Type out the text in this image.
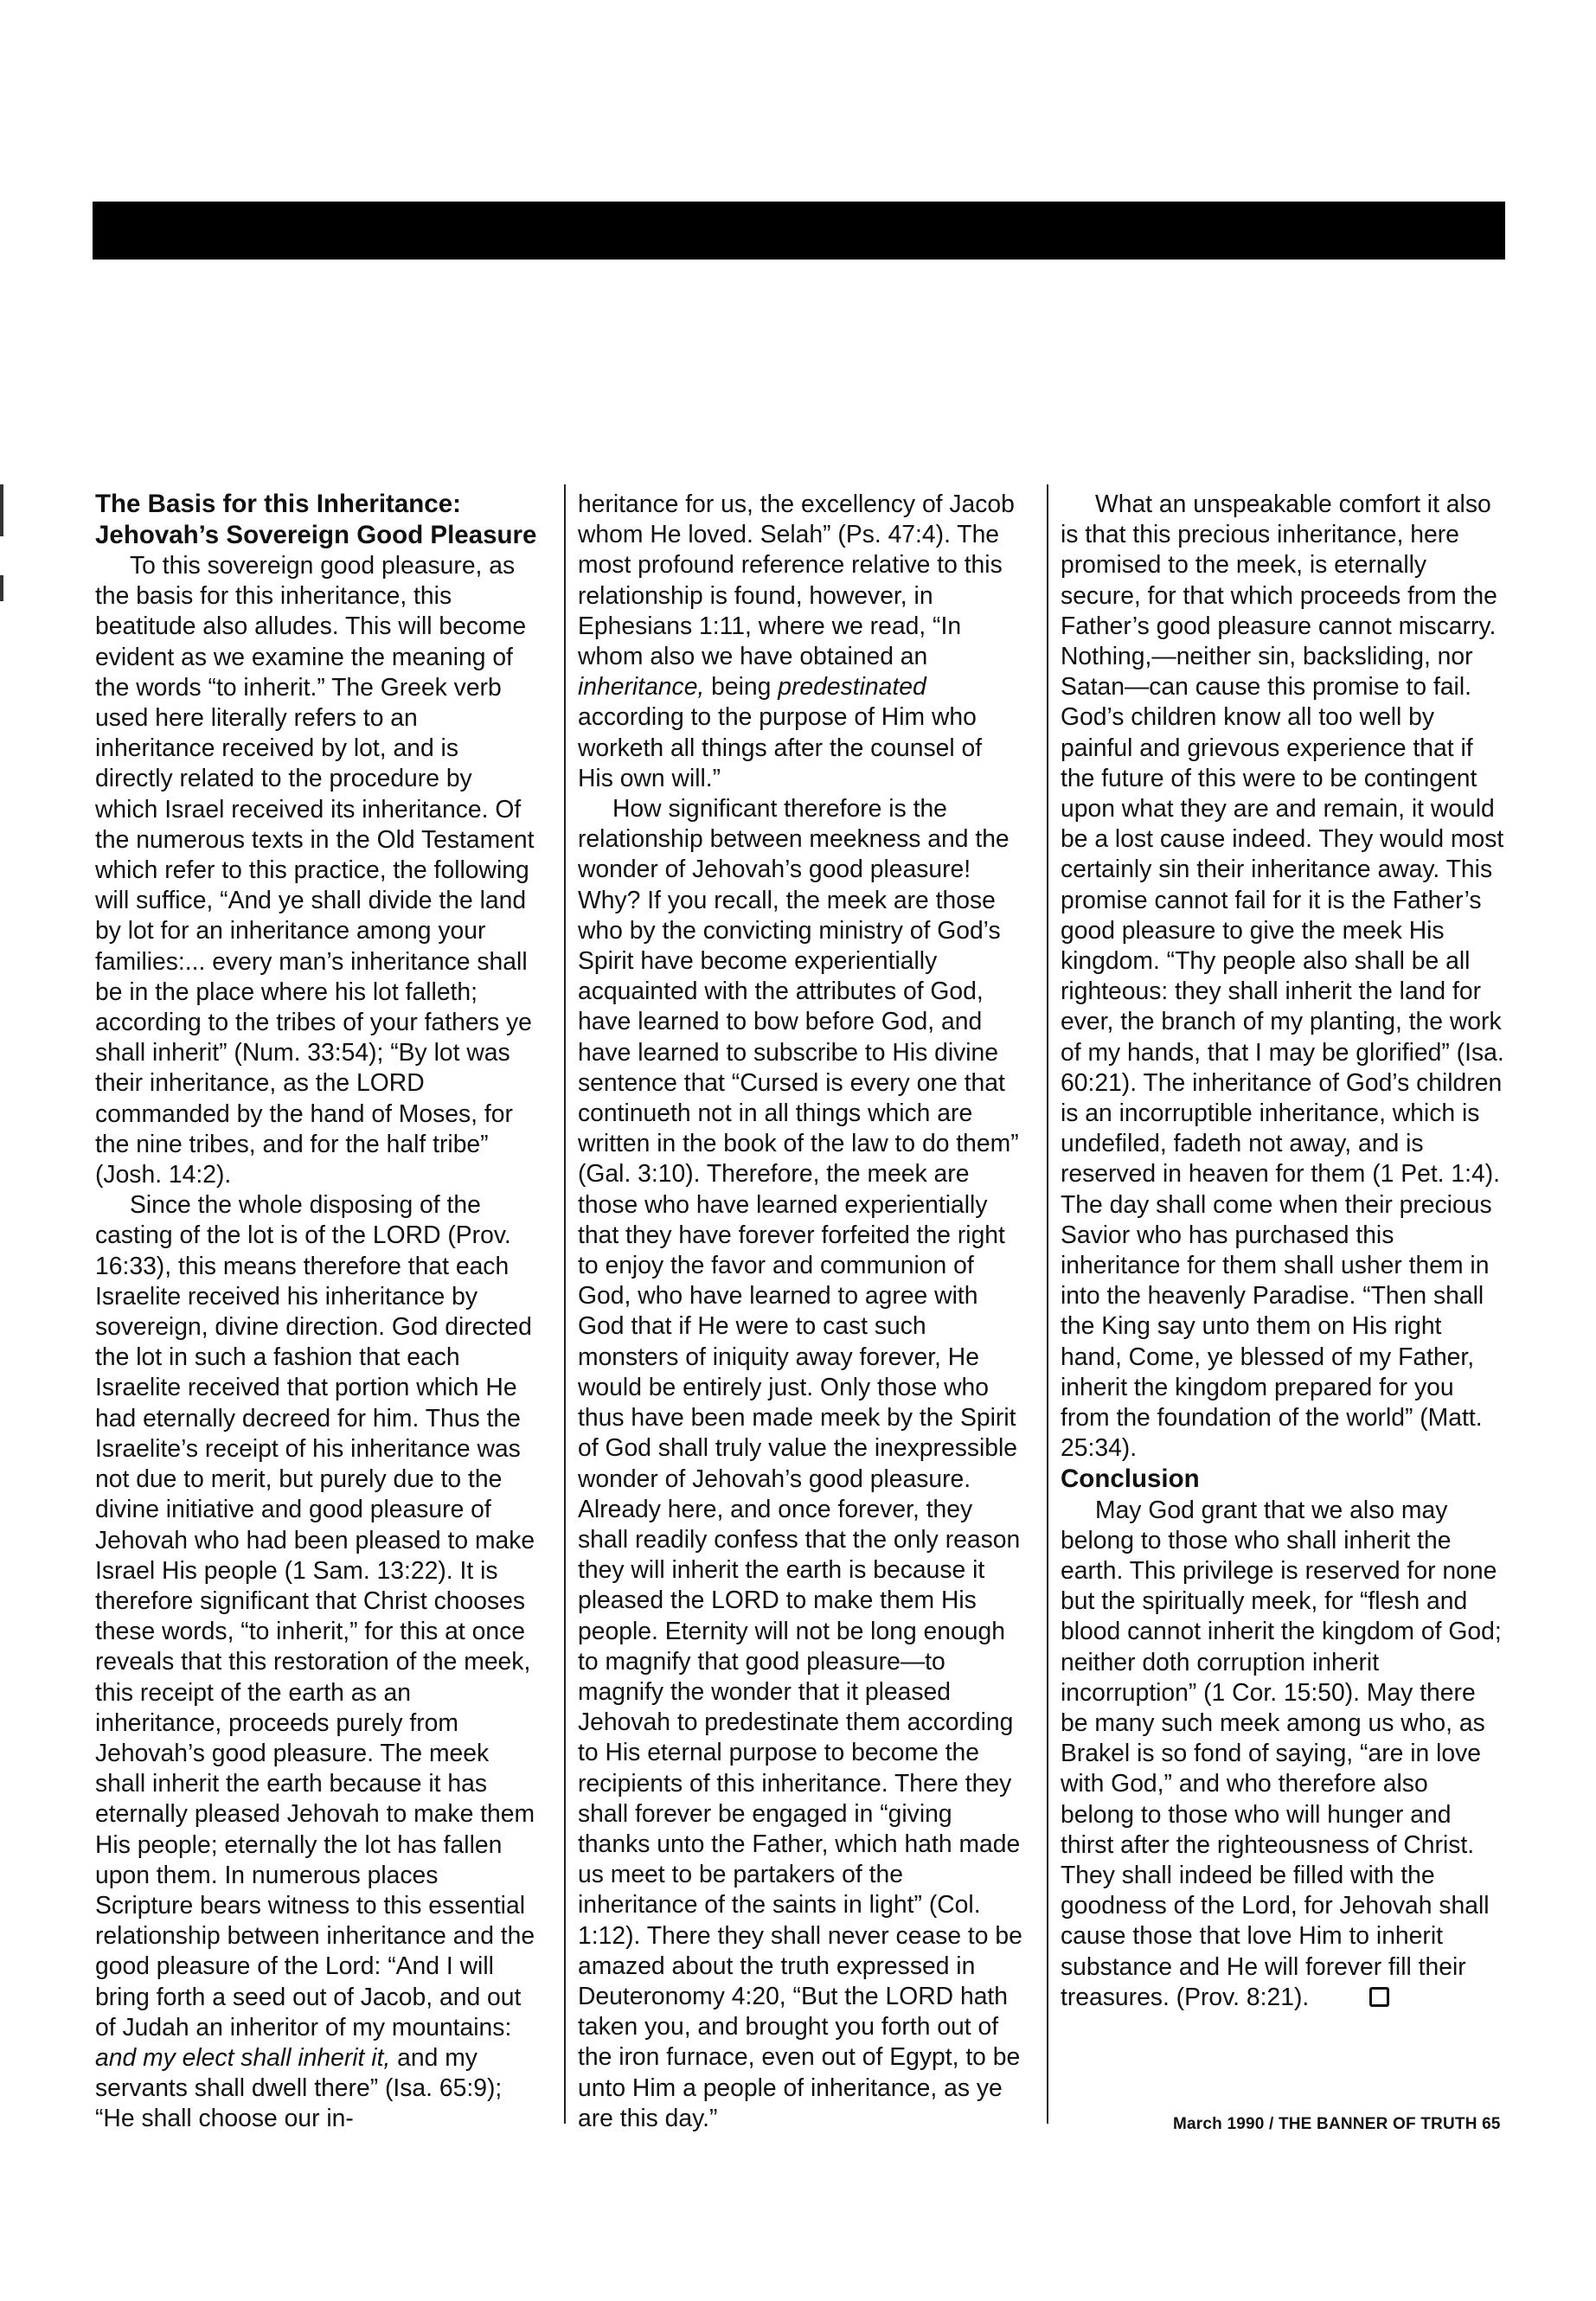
The Basis for this Inheritance: Jehovah’s Sovereign Good Pleasure

To this sovereign good pleasure, as the basis for this inheritance, this beatitude also alludes. This will become evident as we examine the meaning of the words “to inherit.” The Greek verb used here literally refers to an inheritance received by lot, and is directly related to the procedure by which Israel received its inheritance. Of the numerous texts in the Old Testament which refer to this practice, the following will suffice, “And ye shall divide the land by lot for an inheritance among your families:... every man’s inheritance shall be in the place where his lot falleth; according to the tribes of your fathers ye shall inherit” (Num. 33:54); “By lot was their inheritance, as the LORD commanded by the hand of Moses, for the nine tribes, and for the half tribe” (Josh. 14:2).

Since the whole disposing of the casting of the lot is of the LORD (Prov. 16:33), this means therefore that each Israelite received his inheritance by sovereign, divine direction. God directed the lot in such a fashion that each Israelite received that portion which He had eternally decreed for him. Thus the Israelite’s receipt of his inheritance was not due to merit, but purely due to the divine initiative and good pleasure of Jehovah who had been pleased to make Israel His people (1 Sam. 13:22). It is therefore significant that Christ chooses these words, “to inherit,” for this at once reveals that this restoration of the meek, this receipt of the earth as an inheritance, proceeds purely from Jehovah’s good pleasure. The meek shall inherit the earth because it has eternally pleased Jehovah to make them His people; eternally the lot has fallen upon them. In numerous places Scripture bears witness to this essential relationship between inheritance and the good pleasure of the Lord: “And I will bring forth a seed out of Jacob, and out of Judah an inheritor of my mountains: and my elect shall inherit it, and my servants shall dwell there” (Isa. 65:9); “He shall choose our in-

heritance for us, the excellency of Jacob whom He loved. Selah” (Ps. 47:4). The most profound reference relative to this relationship is found, however, in Ephesians 1:11, where we read, “In whom also we have obtained an inheritance, being predestinated according to the purpose of Him who worketh all things after the counsel of His own will.”

How significant therefore is the relationship between meekness and the wonder of Jehovah’s good pleasure! Why? If you recall, the meek are those who by the convicting ministry of God’s Spirit have become experientially acquainted with the attributes of God, have learned to bow before God, and have learned to subscribe to His divine sentence that “Cursed is every one that continueth not in all things which are written in the book of the law to do them” (Gal. 3:10). Therefore, the meek are those who have learned experientially that they have forever forfeited the right to enjoy the favor and communion of God, who have learned to agree with God that if He were to cast such monsters of iniquity away forever, He would be entirely just. Only those who thus have been made meek by the Spirit of God shall truly value the inexpressible wonder of Jehovah’s good pleasure. Already here, and once forever, they shall readily confess that the only reason they will inherit the earth is because it pleased the LORD to make them His people. Eternity will not be long enough to magnify that good pleasure—to magnify the wonder that it pleased Jehovah to predestinate them according to His eternal purpose to become the recipients of this inheritance. There they shall forever be engaged in “giving thanks unto the Father, which hath made us meet to be partakers of the inheritance of the saints in light” (Col. 1:12). There they shall never cease to be amazed about the truth expressed in Deuteronomy 4:20, “But the LORD hath taken you, and brought you forth out of the iron furnace, even out of Egypt, to be unto Him a people of inheritance, as ye are this day.”

What an unspeakable comfort it also is that this precious inheritance, here promised to the meek, is eternally secure, for that which proceeds from the Father’s good pleasure cannot miscarry. Nothing,—neither sin, backsliding, nor Satan—can cause this promise to fail. God’s children know all too well by painful and grievous experience that if the future of this were to be contingent upon what they are and remain, it would be a lost cause indeed. They would most certainly sin their inheritance away. This promise cannot fail for it is the Father’s good pleasure to give the meek His kingdom. “Thy people also shall be all righteous: they shall inherit the land for ever, the branch of my planting, the work of my hands, that I may be glorified” (Isa. 60:21). The inheritance of God’s children is an incorruptible inheritance, which is undefiled, fadeth not away, and is reserved in heaven for them (1 Pet. 1:4). The day shall come when their precious Savior who has purchased this inheritance for them shall usher them in into the heavenly Paradise. “Then shall the King say unto them on His right hand, Come, ye blessed of my Father, inherit the kingdom prepared for you from the foundation of the world” (Matt. 25:34).

Conclusion

May God grant that we also may belong to those who shall inherit the earth. This privilege is reserved for none but the spiritually meek, for “flesh and blood cannot inherit the kingdom of God; neither doth corruption inherit incorruption” (1 Cor. 15:50). May there be many such meek among us who, as Brakel is so fond of saying, “are in love with God,” and who therefore also belong to those who will hunger and thirst after the righteousness of Christ. They shall indeed be filled with the goodness of the Lord, for Jehovah shall cause those that love Him to inherit substance and He will forever fill their treasures. (Prov. 8:21).

March 1990 / THE BANNER OF TRUTH 65
